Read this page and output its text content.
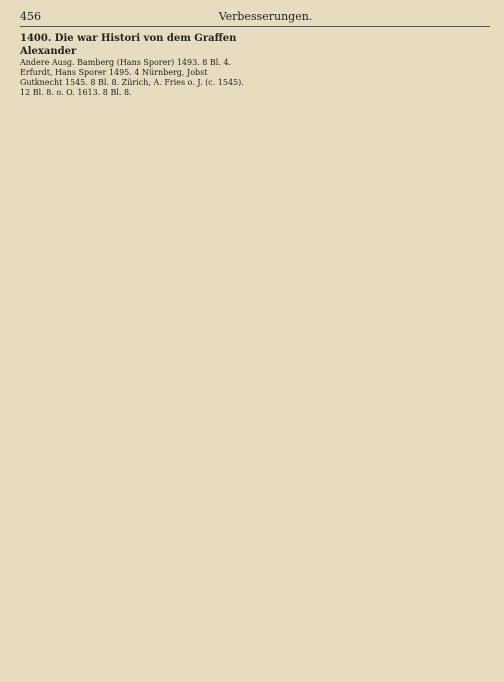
456	Verbesserungen.
1400. Die war Histori von dem Graffen Alexander
Andere Ausg. Bamberg (Hans Sporer) 1493. 8 Bl. 4. Erfurdt, Hans Sporer 1495. 4 Nürnberg, Jobst Gutknecht 1545. 8 Bl. 8. Zürich, A. Fries o. J. (c. 1545). 12 Bl. 8. o. O. 1613. 8 Bl. 8.
